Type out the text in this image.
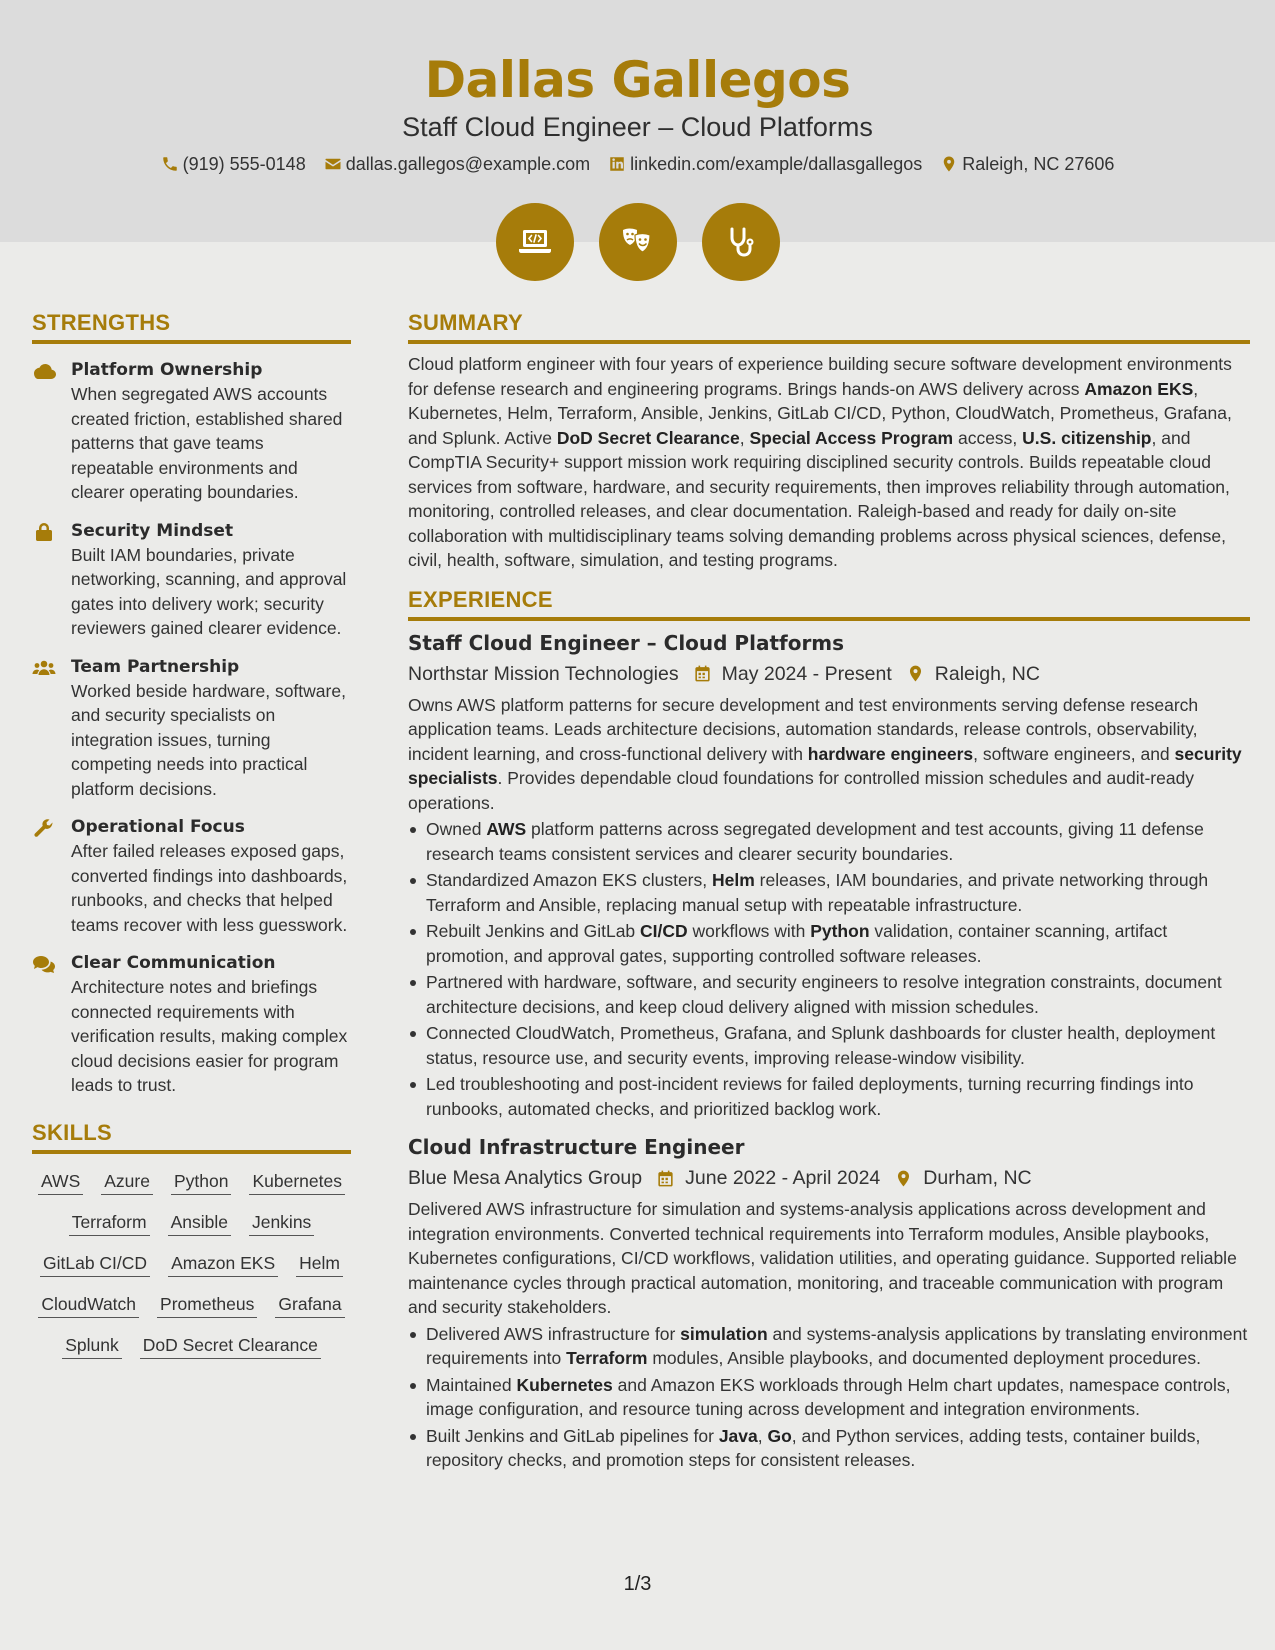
Dallas Gallegos
Staff Cloud Engineer – Cloud Platforms
(919) 555-0148 dallas.gallegos@example.com linkedin.com/example/dallasgallegos Raleigh, NC 27606
STRENGTHS
Platform Ownership
When segregated AWS accounts created friction, established shared patterns that gave teams repeatable environments and clearer operating boundaries.
Security Mindset
Built IAM boundaries, private networking, scanning, and approval gates into delivery work; security reviewers gained clearer evidence.
Team Partnership
Worked beside hardware, software, and security specialists on integration issues, turning competing needs into practical platform decisions.
Operational Focus
After failed releases exposed gaps, converted findings into dashboards, runbooks, and checks that helped teams recover with less guesswork.
Clear Communication
Architecture notes and briefings connected requirements with verification results, making complex cloud decisions easier for program leads to trust.
SKILLS
AWS Azure Python Kubernetes
Terraform Ansible Jenkins
GitLab CI/CD Amazon EKS Helm
CloudWatch Prometheus Grafana
Splunk DoD Secret Clearance
SUMMARY
Cloud platform engineer with four years of experience building secure software development environments for defense research and engineering programs. Brings hands-on AWS delivery across Amazon EKS, Kubernetes, Helm, Terraform, Ansible, Jenkins, GitLab CI/CD, Python, CloudWatch, Prometheus, Grafana, and Splunk. Active DoD Secret Clearance, Special Access Program access, U.S. citizenship, and CompTIA Security+ support mission work requiring disciplined security controls. Builds repeatable cloud services from software, hardware, and security requirements, then improves reliability through automation, monitoring, controlled releases, and clear documentation. Raleigh-based and ready for daily on-site collaboration with multidisciplinary teams solving demanding problems across physical sciences, defense, civil, health, software, simulation, and testing programs.
EXPERIENCE
Staff Cloud Engineer – Cloud Platforms
Northstar Mission Technologies May 2024 - Present Raleigh, NC
Owns AWS platform patterns for secure development and test environments serving defense research application teams. Leads architecture decisions, automation standards, release controls, observability, incident learning, and cross-functional delivery with hardware engineers, software engineers, and security specialists. Provides dependable cloud foundations for controlled mission schedules and audit-ready operations.
Owned AWS platform patterns across segregated development and test accounts, giving 11 defense research teams consistent services and clearer security boundaries.
Standardized Amazon EKS clusters, Helm releases, IAM boundaries, and private networking through Terraform and Ansible, replacing manual setup with repeatable infrastructure.
Rebuilt Jenkins and GitLab CI/CD workflows with Python validation, container scanning, artifact promotion, and approval gates, supporting controlled software releases.
Partnered with hardware, software, and security engineers to resolve integration constraints, document architecture decisions, and keep cloud delivery aligned with mission schedules.
Connected CloudWatch, Prometheus, Grafana, and Splunk dashboards for cluster health, deployment status, resource use, and security events, improving release-window visibility.
Led troubleshooting and post-incident reviews for failed deployments, turning recurring findings into runbooks, automated checks, and prioritized backlog work.
Cloud Infrastructure Engineer
Blue Mesa Analytics Group June 2022 - April 2024 Durham, NC
Delivered AWS infrastructure for simulation and systems-analysis applications across development and integration environments. Converted technical requirements into Terraform modules, Ansible playbooks, Kubernetes configurations, CI/CD workflows, validation utilities, and operating guidance. Supported reliable maintenance cycles through practical automation, monitoring, and traceable communication with program and security stakeholders.
Delivered AWS infrastructure for simulation and systems-analysis applications by translating environment requirements into Terraform modules, Ansible playbooks, and documented deployment procedures.
Maintained Kubernetes and Amazon EKS workloads through Helm chart updates, namespace controls, image configuration, and resource tuning across development and integration environments.
Built Jenkins and GitLab pipelines for Java, Go, and Python services, adding tests, container builds, repository checks, and promotion steps for consistent releases.
1/3
